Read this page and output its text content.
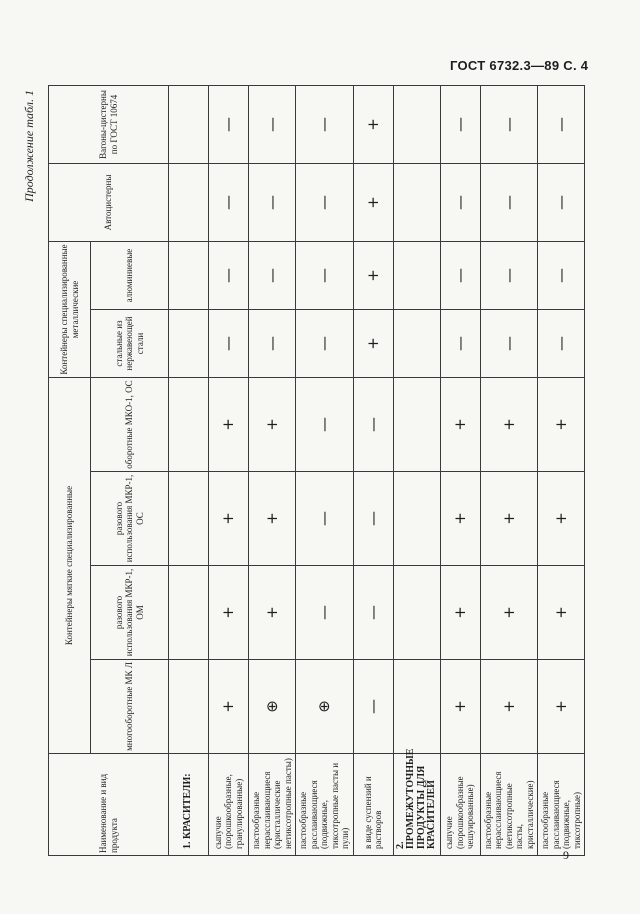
ГОСТ 6732.3—89 С. 4
Продолжение табл. 1
Наименование и вид продукта	Контейнеры мягкие специализированные				Контейнеры специализированные металлические		Автоцистерны	Вагоны-цистерны по ГОСТ 10674
	многооборотные МК Л	разового использования МКР-1, ОМ	разового использования МКР-1, ОС	оборотные МКО-1, ОС	стальные из нержавеющей стали	алюминиевые		
1. КРАСИТЕЛИ:								
сыпучие (порошкообразные, гранулированные)	+	+	+	+	—	—	—	—
пастообразные нерасслаивающиеся (кристаллические нетиксотропные пасты)	⊕	+	+	+	—	—	—	—
пастообразные расслаивающиеся (подвижные, тиксотропные пасты и пули)	⊕	—	—	—	—	—	—	—
в виде суспензий и растворов	—	—	—	—	+	+	+	+
2. ПРОМЕЖУТОЧНЫЕ ПРОДУКТЫ ДЛЯ КРАСИТЕЛЕЙ								
сыпучие (порошкообразные чешуированные)	+	+	+	+	—	—	—	—
пастообразные нерасслаивающиеся (нетиксотропные пасты, кристаллические)	+	+	+	+	—	—	—	—
пастообразные расслаивающиеся (подвижные, тиксотропные)	+	+	+	+	—	—	—	—
9
